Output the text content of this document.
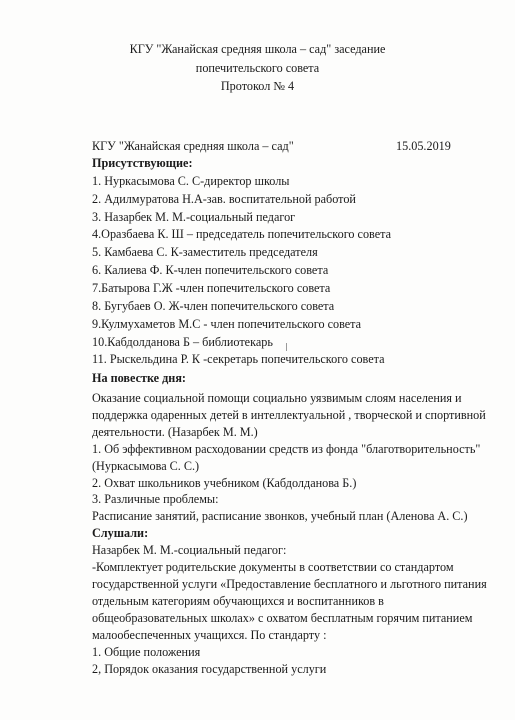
КГУ "Жанайская средняя школа – сад" заседание
попечительского совета
Протокол № 4
КГУ "Жанайская средняя школа – сад"	15.05.2019
Присутствующие:
1. Нуркасымова С. С-директор школы
2. Адилмуратова Н.А-зав. воспитательной работой
3. Назарбек М. М.-социальный педагог
4.Оразбаева К. Ш – председатель попечительского совета
5. Камбаева С. К-заместитель председателя
6. Калиева Ф. К-член попечительского совета
7.Батырова Г.Ж -член попечительского совета
8. Бугубаев О. Ж-член попечительского совета
9.Кулмухаметов М.С - член попечительского совета
10.Кабдолданова Б – библиотекарь
11. Рыскельдина Р. К -секретарь попечительского совета
На повестке дня:
Оказание социальной помощи социально уязвимым слоям населения и
поддержка одаренных детей в интеллектуальной , творческой и спортивной
деятельности. (Назарбек М. М.)
1. Об эффективном расходовании средств из фонда "благотворительность"
(Нуркасымова С. С.)
2. Охват школьников учебником (Кабдолданова Б.)
3. Различные проблемы:
Расписание занятий, расписание звонков, учебный план (Аленова А. С.)
Слушали:
Назарбек М. М.-социальный педагог:
-Комплектует родительские документы в соответствии со стандартом
государственной услуги «Предоставление бесплатного и льготного питания
отдельным категориям обучающихся и воспитанников в
общеобразовательных школах» с охватом бесплатным горячим питанием
малообеспеченных учащихся. По стандарту :
1. Общие положения
2, Порядок оказания государственной услуги
